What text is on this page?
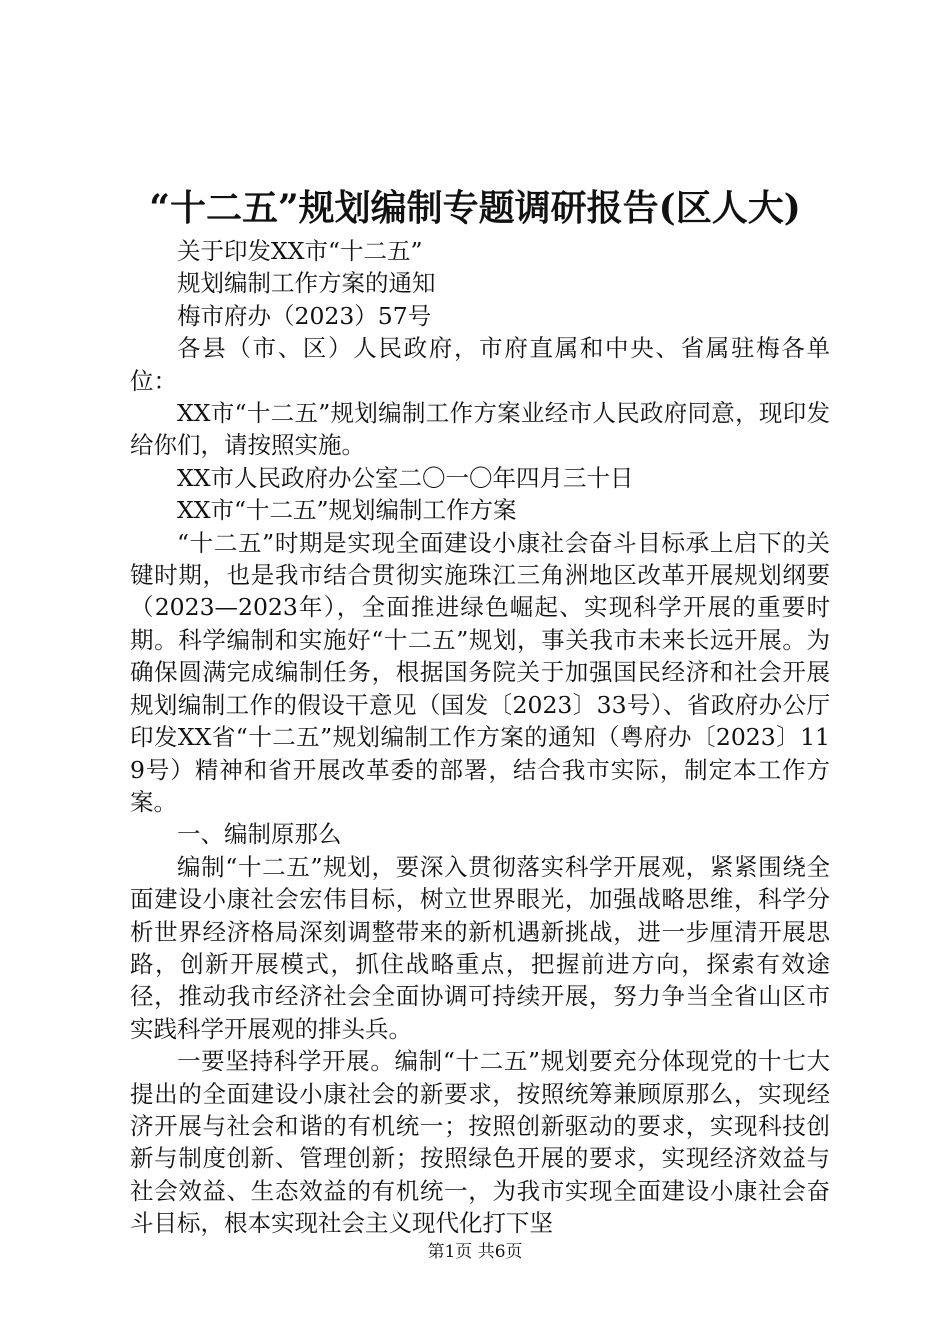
“十二五”规划编制专题调研报告(区人大)

关于印发XX市“十二五”

规划编制工作方案的通知

梅市府办（2023）57号

各县（市、区）人民政府，市府直属和中央、省属驻梅各单位：

XX市“十二五”规划编制工作方案业经市人民政府同意，现印发给你们，请按照实施。

XX市人民政府办公室二〇一〇年四月三十日

XX市“十二五”规划编制工作方案

“十二五”时期是实现全面建设小康社会奋斗目标承上启下的关键时期，也是我市结合贯彻实施珠江三角洲地区改革开展规划纲要（2023—2023年），全面推进绿色崛起、实现科学开展的重要时期。科学编制和实施好“十二五”规划，事关我市未来长远开展。为确保圆满完成编制任务，根据国务院关于加强国民经济和社会开展规划编制工作的假设干意见（国发〔2023〕33号）、省政府办公厅印发XX省“十二五”规划编制工作方案的通知（粤府办〔2023〕119号）精神和省开展改革委的部署，结合我市实际，制定本工作方案。

一、编制原那么

编制“十二五”规划，要深入贯彻落实科学开展观，紧紧围绕全面建设小康社会宏伟目标，树立世界眼光，加强战略思维，科学分析世界经济格局深刻调整带来的新机遇新挑战，进一步厘清开展思路，创新开展模式，抓住战略重点，把握前进方向，探索有效途径，推动我市经济社会全面协调可持续开展，努力争当全省山区市实践科学开展观的排头兵。

一要坚持科学开展。编制“十二五”规划要充分体现党的十七大提出的全面建设小康社会的新要求，按照统筹兼顾原那么，实现经济开展与社会和谐的有机统一；按照创新驱动的要求，实现科技创新与制度创新、管理创新；按照绿色开展的要求，实现经济效益与社会效益、生态效益的有机统一，为我市实现全面建设小康社会奋斗目标，根本实现社会主义现代化打下坚

第1页 共6页
